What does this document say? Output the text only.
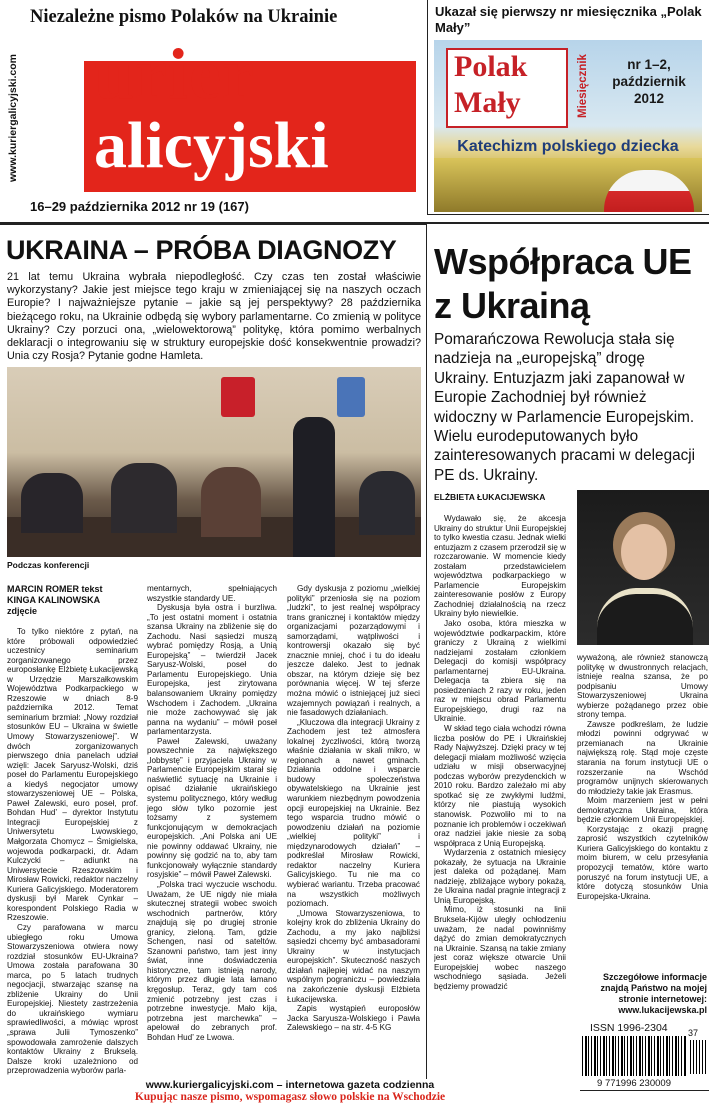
Niezależne pismo Polaków na Ukrainie
www.kuriergalicyjski.com urier
alicyjski
16–29 października 2012 nr 19 (167)
Ukazał się pierwszy nr miesięcznika „Polak Mały”
Polak
Mały	Miesięcznik	nr 1–2,
październik
2012
Katechizm polskiego dziecka
UKRAINA – PRÓBA DIAGNOZY
21 lat temu Ukraina wybrała niepodległość. Czy czas ten został właściwie wykorzystany? Jakie jest miejsce tego kraju w zmieniającej się na naszych oczach Europie? I najważniejsze pytanie – jakie są jej perspektywy? 28 października bieżącego roku, na Ukrainie odbędą się wybory parlamentarne. Co zmienią w polityce Ukrainy? Czy porzuci ona, „wielowektorową” politykę, która pomimo werbalnych deklaracji o integrowaniu się w struktury europejskie dość konsekwentnie prowadzi? Unia czy Rosja? Pytanie godne Hamleta.
Podczas konferencji
MARCIN ROMER tekst
KINGA KALINOWSKA
zdjęcie

To tylko niektóre z pytań, na które próbowali odpowiedzieć uczestnicy seminarium zorganizowanego przez europosłankę Elżbietę Łukacijewską w Urzędzie Marszałkowskim Województwa Podkarpackiego w Rzeszowie w dniach 8-9 października 2012. Temat seminarium brzmiał: „Nowy rozdział stosunków EU – Ukraina w świetle Umowy Stowarzyszeniowej”. W dwóch zorganizowanych pierwszego dnia panelach udział wzięli: Jacek Saryusz-Wolski, dziś poseł do Parlamentu Europejskiego a kiedyś negocjator umowy stowarzyszeniowej UE – Polska, Paweł Zalewski, euro poseł, prof. Bohdan Hud’ – dyrektor Instytutu Integracji Europejskiej z Uniwersytetu Lwowskiego, Małgorzata Chomycz – Śmigielska, wojewoda podkarpacki, dr. Adam Kulczycki – adiunkt na Uniwersytecie Rzeszowskim i Mirosław Rowicki, redaktor naczelny Kuriera Galicyjskiego. Moderatorem dyskusji był Marek Cynkar – korespondent Polskiego Radia w Rzeszowie.

Czy parafowana w marcu ubiegłego roku Umowa Stowarzyszeniowa otwiera nowy rozdział stosunków EU-Ukraina? Umowa została parafowana 30 marca, po 5 latach trudnych negocjacji, stwarzając szansę na zbliżenie Ukrainy do Unii Europejskiej. Niestety zastrzeżenia do ukraińskiego wymiaru sprawiedliwości, a mówiąc wprost „sprawa Julii Tymoszenko” spowodowała zamrożenie dalszych kontaktów Ukrainy z Brukselą. Dalsze kroki uzależniono od przeprowadzenia wyborów parla-

mentarnych, spełniających wszystkie standardy UE.

Dyskusja była ostra i burzliwa. „To jest ostatni moment i ostatnia szansa Ukrainy na zbliżenie się do Zachodu. Nasi sąsiedzi muszą wybrać pomiędzy Rosją, a Unią Europejską” – twierdził Jacek Saryusz-Wolski, poseł do Parlamentu Europejskiego. Unia Europejska, jest zirytowana balansowaniem Ukrainy pomiędzy Wschodem i Zachodem. „Ukraina nie może zachowywać się jak panna na wydaniu” – mówił poseł parlamentarzysta.

Paweł Zalewski, uważany powszechnie za największego „lobbystę” i przyjaciela Ukrainy w Parlamencie Europejskim starał się naświetlić sytuację na Ukrainie i opisać działanie ukraińskiego systemu politycznego, który według jego słów tylko pozornie jest tożsamy z systemem funkcjonującym w demokracjach europejskich. „Ani Polska ani UE nie powinny oddawać Ukrainy, nie powinny się godzić na to, aby tam funkcjonowały wyłącznie standardy rosyjskie” – mówił Paweł Zalewski.

„Polska traci wyczucie wschodu. Uważam, że UE nigdy nie miała skutecznej strategii wobec swoich wschodnich partnerów, który znajdują się po drugiej stronie granicy, zieloną. Tam, gdzie Schengen, nasi od sateltów. Szanowni państwo, tam jest inny świat, inne doświadczenia historyczne, tam istnieją narody, którym przez długie lata łamano kręgosłup. Teraz, gdy tam coś zmienić potrzebny jest czas i potrzebne inwestycje. Mało kija, potrzebna jest marchewka” – apelował do zebranych prof. Bohdan Hud’ ze Lwowa.

Gdy dyskusja z poziomu „wielkiej polityki” przeniosła się na poziom „ludzki”, to jest realnej współpracy trans granicznej i kontaktów między organizacjami pozarządowymi i samorządami, wątpliwości i kontrowersji okazało się być znacznie mniej, choć i tu do ideału jeszcze daleko. Jest to jednak obszar, na którym dzieje się bez porównania więcej. W tej sferze można mówić o istniejącej już sieci wzajemnych powiązań i realnych, a nie fasadowych działaniach.

„Kluczowa dla integracji Ukrainy z Zachodem jest też atmosfera lokalnej życzliwości, którą tworzą właśnie działania w skali mikro, w regionach a nawet gminach. Działania oddolne i wsparcie budowy społeczeństwa obywatelskiego na Ukrainie jest warunkiem niezbędnym powodzenia opcji europejskiej na Ukrainie. Bez tego wsparcia trudno mówić o powodzeniu działań na poziomie „wielkiej polityki” i międzynarodowych działań” – podkreślał Mirosław Rowicki, redaktor naczelny Kuriera Galicyjskiego. Tu nie ma co wybierać wariantu. Trzeba pracować na wszystkich możliwych poziomach.

„Umowa Stowarzyszeniowa, to kolejny krok do zbliżenia Ukrainy do Zachodu, a my jako najbliżsi sąsiedzi chcemy być ambasadorami Ukrainy w instytucjach europejskich”. Skuteczność naszych działań najlepiej widać na naszym wspólnym pograniczu – powiedziała na zakończenie dyskusji Elżbieta Łukacijewska.

Zapis wystąpień europosłów Jacka Saryusza-Wolskiego i Pawła Zalewskiego – na str. 4-5 KG

Współpraca UE
z Ukrainą
Pomarańczowa Rewolucja stała się nadzieja na „europejską” drogę Ukrainy. Entuzjazm jaki zapanował w Europie Zachodniej był również widoczny w Parlamencie Europejskim. Wielu eurodeputowanych było zainteresowanych pracami w delegacji PE ds. Ukrainy.
ELŻBIETA ŁUKACIJEWSKA

Wydawało się, że akcesja Ukrainy do struktur Unii Europejskiej to tylko kwestia czasu. Jednak wielki entuzjazm z czasem przerodził się w rozczarowanie. W momencie kiedy zostałam przedstawicielem województwa podkarpackiego w Parlamencie Europejskim zainteresowanie posłów z Europy Zachodniej działalnością na rzecz Ukrainy było niewielkie.

Jako osoba, która mieszka w województwie podkarpackim, które graniczy z Ukrainą z wielkimi nadziejami zostałam członkiem Delegacji do komisji współpracy parlamentarnej EU-Ukraina. Delegacja ta zbiera się na posiedzeniach 2 razy w roku, jeden raz w miejscu obrad Parlamentu Europejskiego, drugi raz na Ukrainie.

W skład tego ciała wchodzi równa liczba posłów do PE i Ukraińskiej Rady Najwyższej. Dzięki pracy w tej delegacji miałam możliwość wzięcia udziału w misji obserwacyjnej podczas wyborów prezydenckich w 2010 roku. Bardzo zależało mi aby spotkać się ze zwykłymi ludźmi, którzy nie piastują wysokich stanowisk. Pozwoliło mi to na poznanie ich problemów i oczekiwań oraz nadziei jakie niesie za sobą współpraca z Unią Europejską.

Wydarzenia z ostatnich miesięcy pokazały, że sytuacja na Ukrainie jest daleka od pożądanej. Mam nadzieję, zbliżające wybory pokażą, że Ukraina nadal pragnie integracji z Unią Europejską.

Mimo, iż stosunki na linii Bruksela-Kijów uległy ochłodzeniu uważam, że nadal powinniśmy dążyć do zmian demokratycznych na Ukrainie. Szansą na takie zmiany jest coraz większe otwarcie Unii Europejskiej wobec naszego wschodniego sąsiada. Jeżeli będziemy prowadzić

wyważoną, ale również stanowczą politykę w dwustronnych relacjach, istnieje realna szansa, że po podpisaniu Umowy Stowarzyszeniowej Ukraina wybierze pożądanego przez obie strony tempa.

Zawsze podkreślam, że ludzie młodzi powinni odgrywać w przemianach na Ukrainie największą rolę. Stąd moje częste starania na forum instytucji UE o rozszerzanie na Wschód programów unijnych skierowanych do młodzieży takie jak Erasmus.

Moim marzeniem jest w pełni demokratyczna Ukraina, która będzie członkiem Unii Europejskiej.

Korzystając z okazji pragnę zaprosić wszystkich czytelników Kuriera Galicyjskiego do kontaktu z moim biurem, w celu przesyłania propozycji tematów, które warto poruszyć na forum instytucji UE, a które dotyczą stosunków Unia Europejska-Ukraina.

Szczegółowe informacje znajdą Państwo na mojej stronie internetowej: www.lukacijewska.pl
ISSN 1996-2304 37
9 771996 230009
www.kuriergalicyjski.com – internetowa gazeta codzienna
Kupując nasze pismo, wspomagasz słowo polskie na Wschodzie
